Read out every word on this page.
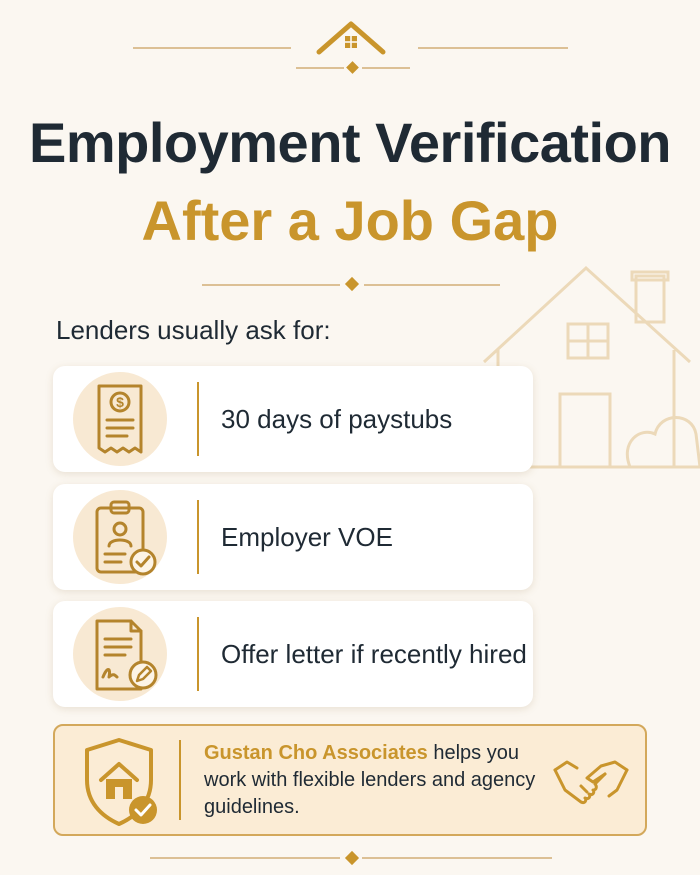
Employment Verification
After a Job Gap
Lenders usually ask for:
$
30 days of paystubs
Employer VOE
Offer letter if recently hired
Gustan Cho Associates helps you work with flexible lenders and agency guidelines.
